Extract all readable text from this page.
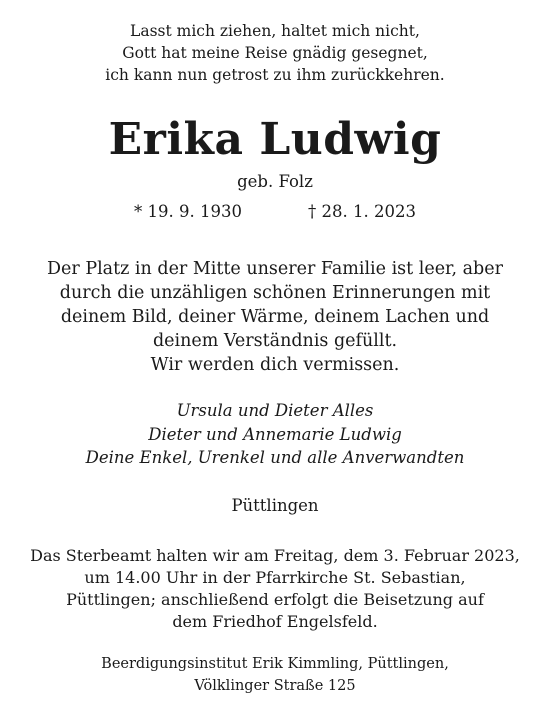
Lasst mich ziehen, haltet mich nicht,
Gott hat meine Reise gnädig gesegnet,
ich kann nun getrost zu ihm zurückkehren.
Erika Ludwig
geb. Folz
* 19. 9. 1930	† 28. 1. 2023
Der Platz in der Mitte unserer Familie ist leer, aber
durch die unzähligen schönen Erinnerungen mit
deinem Bild, deiner Wärme, deinem Lachen und
deinem Verständnis gefüllt.
Wir werden dich vermissen.
Ursula und Dieter Alles
Dieter und Annemarie Ludwig
Deine Enkel, Urenkel und alle Anverwandten
Püttlingen
Das Sterbeamt halten wir am Freitag, dem 3. Februar 2023,
um 14.00 Uhr in der Pfarrkirche St. Sebastian,
Püttlingen; anschließend erfolgt die Beisetzung auf
dem Friedhof Engelsfeld.
Beerdigungsinstitut Erik Kimmling, Püttlingen,
Völklinger Straße 125
